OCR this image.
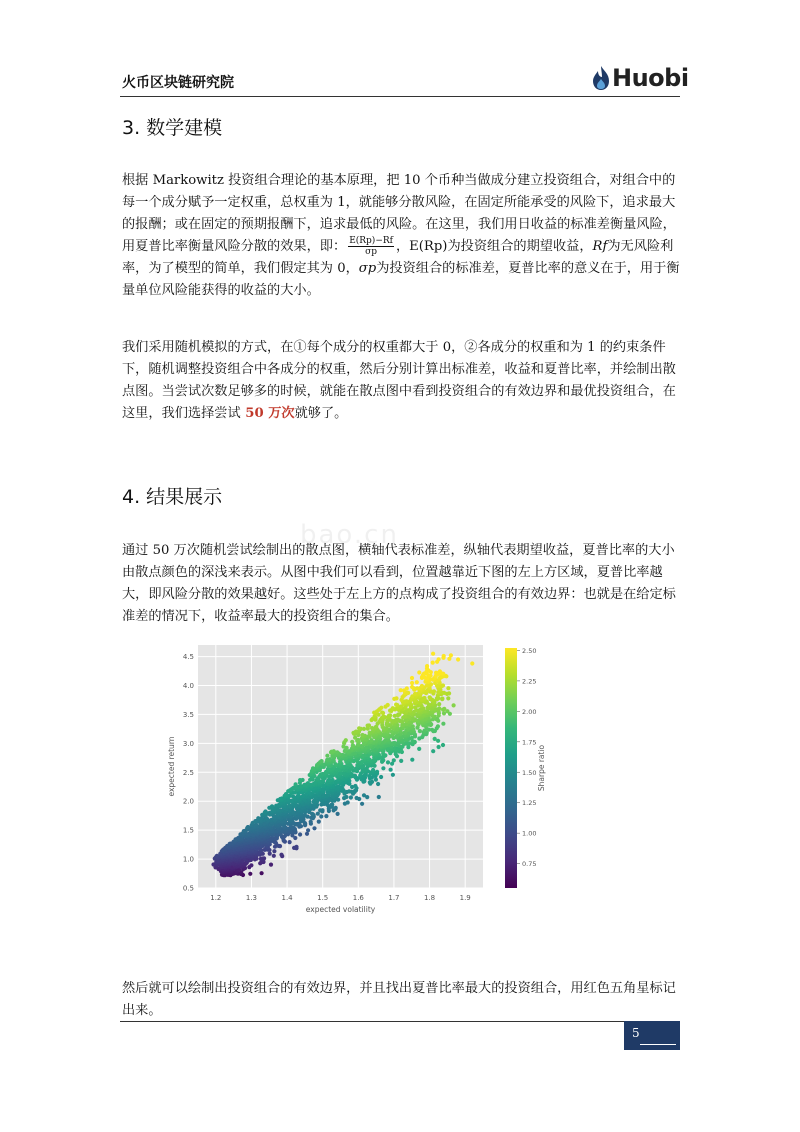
火币区块链研究院	Huobi
3. 数学建模

根据 Markowitz 投资组合理论的基本原理，把 10 个币种当做成分建立投资组合，对组合中的每一个成分赋予一定权重，总权重为 1，就能够分散风险，在固定所能承受的风险下，追求最大的报酬；或在固定的预期报酬下，追求最低的风险。在这里，我们用日收益的标准差衡量风险，用夏普比率衡量风险分散的效果，即： $\frac{E(Rp)-Rf}{\sigma p}$ ，E(Rp)为投资组合的期望收益，Rf为无风险利率，为了模型的简单，我们假定其为 0，σp为投资组合的标准差，夏普比率的意义在于，用于衡量单位风险能获得的收益的大小。

我们采用随机模拟的方式，在①每个成分的权重都大于 0，②各成分的权重和为 1 的约束条件下，随机调整投资组合中各成分的权重，然后分别计算出标准差，收益和夏普比率，并绘制出散点图。当尝试次数足够多的时候，就能在散点图中看到投资组合的有效边界和最优投资组合，在这里，我们选择尝试 50 万次就够了。

4. 结果展示
bao.cn

通过 50 万次随机尝试绘制出的散点图，横轴代表标准差，纵轴代表期望收益，夏普比率的大小由散点颜色的深浅来表示。从图中我们可以看到，位置越靠近下图的左上方区域，夏普比率越大，即风险分散的效果越好。这些处于左上方的点构成了投资组合的有效边界：也就是在给定标准差的情况下，收益率最大的投资组合的集合。

1.2	1.3	1.4	1.5	1.6	1.7	1.8	1.9
0.5
1.0
1.5
2.0
2.5
3.0
3.5
4.0
4.5
expected volatility
expected return
0.75
1.00
1.25
1.50
1.75
2.00
2.25
2.50
Sharpe ratio

然后就可以绘制出投资组合的有效边界，并且找出夏普比率最大的投资组合，用红色五角星标记出来。

5
